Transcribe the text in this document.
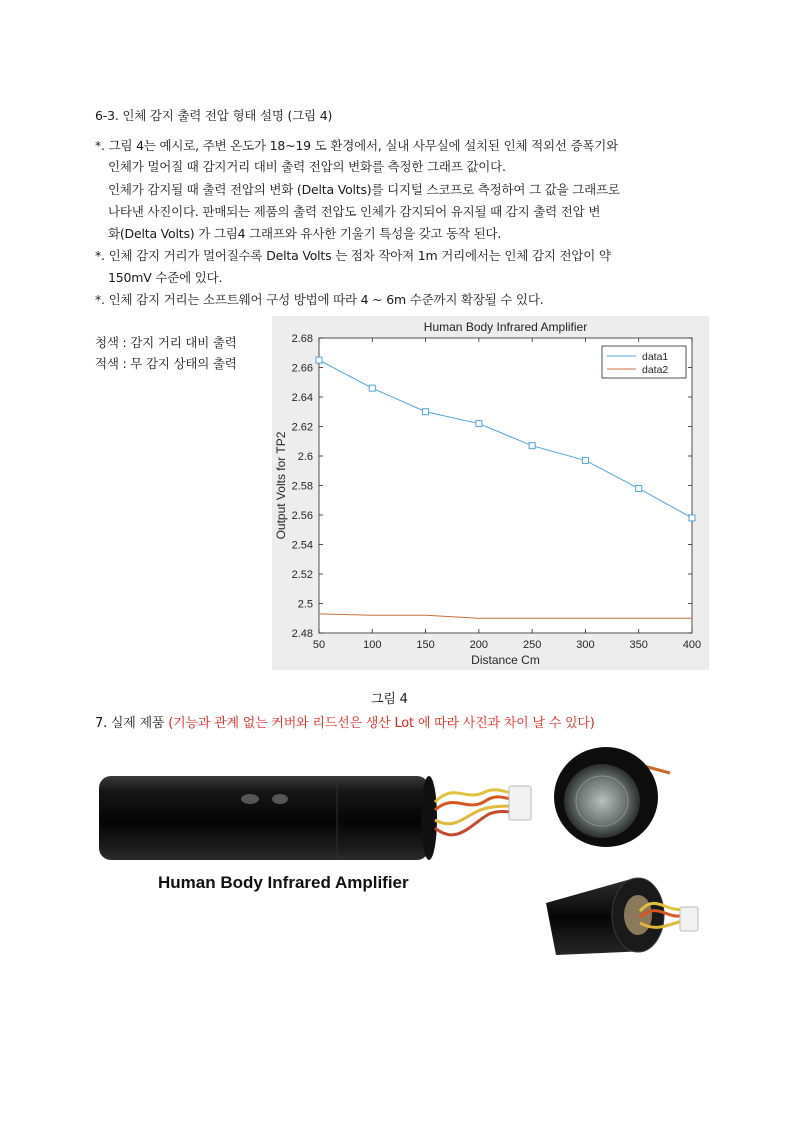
6-3. 인체 감지 출력 전압 형태 설명 (그림 4)
*. 그림 4는 예시로, 주변 온도가 18~19 도 환경에서, 실내 사무실에 설치된 인체 적외선 증폭기와
인체가 멀어질 때 감지거리 대비 출력 전압의 변화를 측정한 그래프 값이다.
인체가 감지될 때 출력 전압의 변화 (Delta Volts)를 디지털 스코프로 측정하여 그 값을 그래프로
나타낸 사진이다. 판매되는 제품의 출력 전압도 인체가 감지되어 유지될 때 감지 출력 전압 변
화(Delta Volts) 가 그림4 그래프와 유사한 기울기 특성을 갖고 동작 된다.
*. 인체 감지 거리가 멀어질수록 Delta Volts 는 점차 작아져 1m 거리에서는 인체 감지 전압이 약
150mV 수준에 있다.
*. 인체 감지 거리는 소프트웨어 구성 방법에 따라 4 ~ 6m 수준까지 확장될 수 있다.
청색 : 감지 거리 대비 출력
적색 : 무 감지 상태의 출력
Human Body Infrared Amplifier
2.48
2.5
2.52
2.54
2.56
2.58
2.6
2.62
2.64
2.66
2.68
50	100	150	200	250	300	350	400
Distance Cm
Output Volts for TP2
data1
data2
그림 4
7. 실제 제품 (기능과 관계 없는 커버와 리드선은 생산 Lot 에 따라 사진과 차이 날 수 있다)
Human Body Infrared Amplifier
